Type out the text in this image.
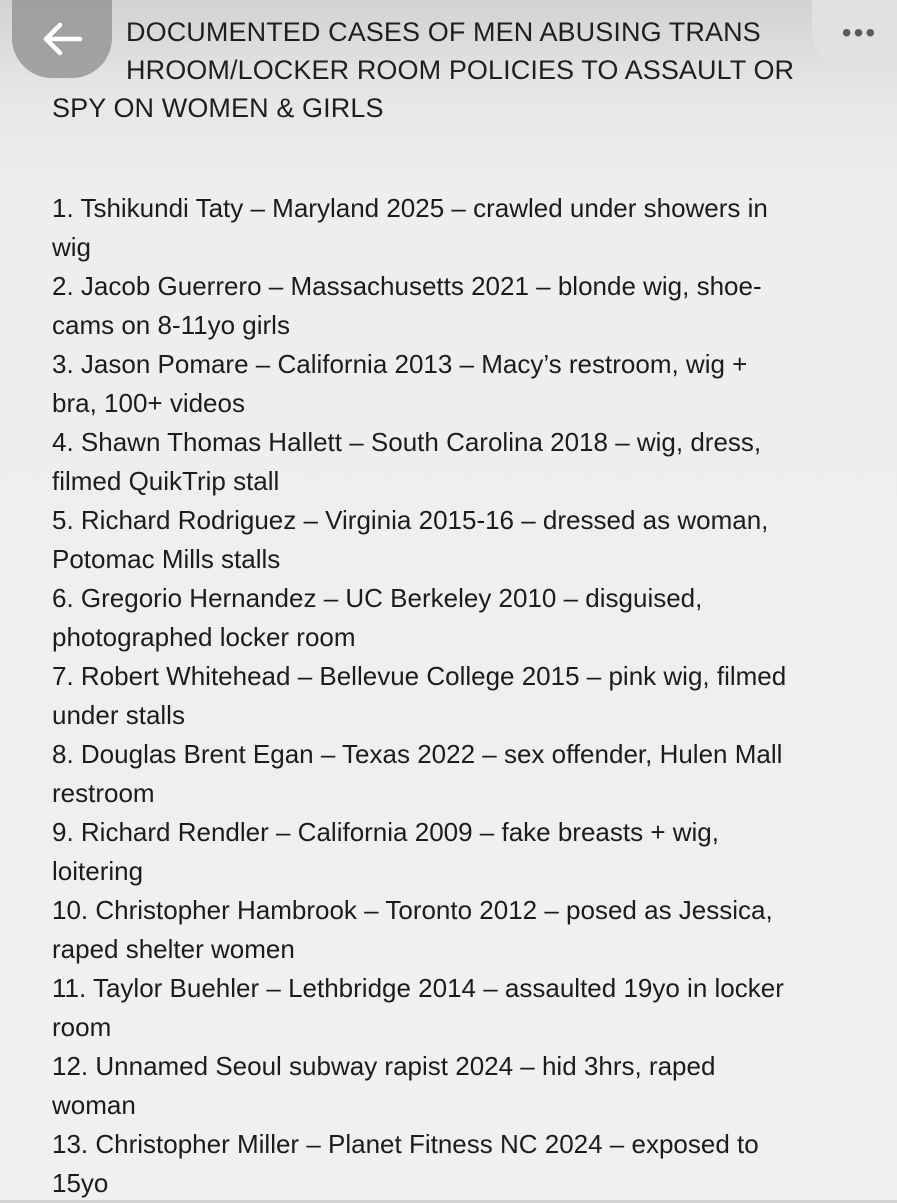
DOCUMENTED CASES OF MEN ABUSING TRANS
HROOM/LOCKER ROOM POLICIES TO ASSAULT OR
SPY ON WOMEN & GIRLS
1. Tshikundi Taty – Maryland 2025 – crawled under showers in
wig
2. Jacob Guerrero – Massachusetts 2021 – blonde wig, shoe-
cams on 8-11yo girls
3. Jason Pomare – California 2013 – Macy’s restroom, wig +
bra, 100+ videos
4. Shawn Thomas Hallett – South Carolina 2018 – wig, dress,
filmed QuikTrip stall
5. Richard Rodriguez – Virginia 2015-16 – dressed as woman,
Potomac Mills stalls
6. Gregorio Hernandez – UC Berkeley 2010 – disguised,
photographed locker room
7. Robert Whitehead – Bellevue College 2015 – pink wig, filmed
under stalls
8. Douglas Brent Egan – Texas 2022 – sex offender, Hulen Mall
restroom
9. Richard Rendler – California 2009 – fake breasts + wig,
loitering
10. Christopher Hambrook – Toronto 2012 – posed as Jessica,
raped shelter women
11. Taylor Buehler – Lethbridge 2014 – assaulted 19yo in locker
room
12. Unnamed Seoul subway rapist 2024 – hid 3hrs, raped
woman
13. Christopher Miller – Planet Fitness NC 2024 – exposed to
15yo
•••
